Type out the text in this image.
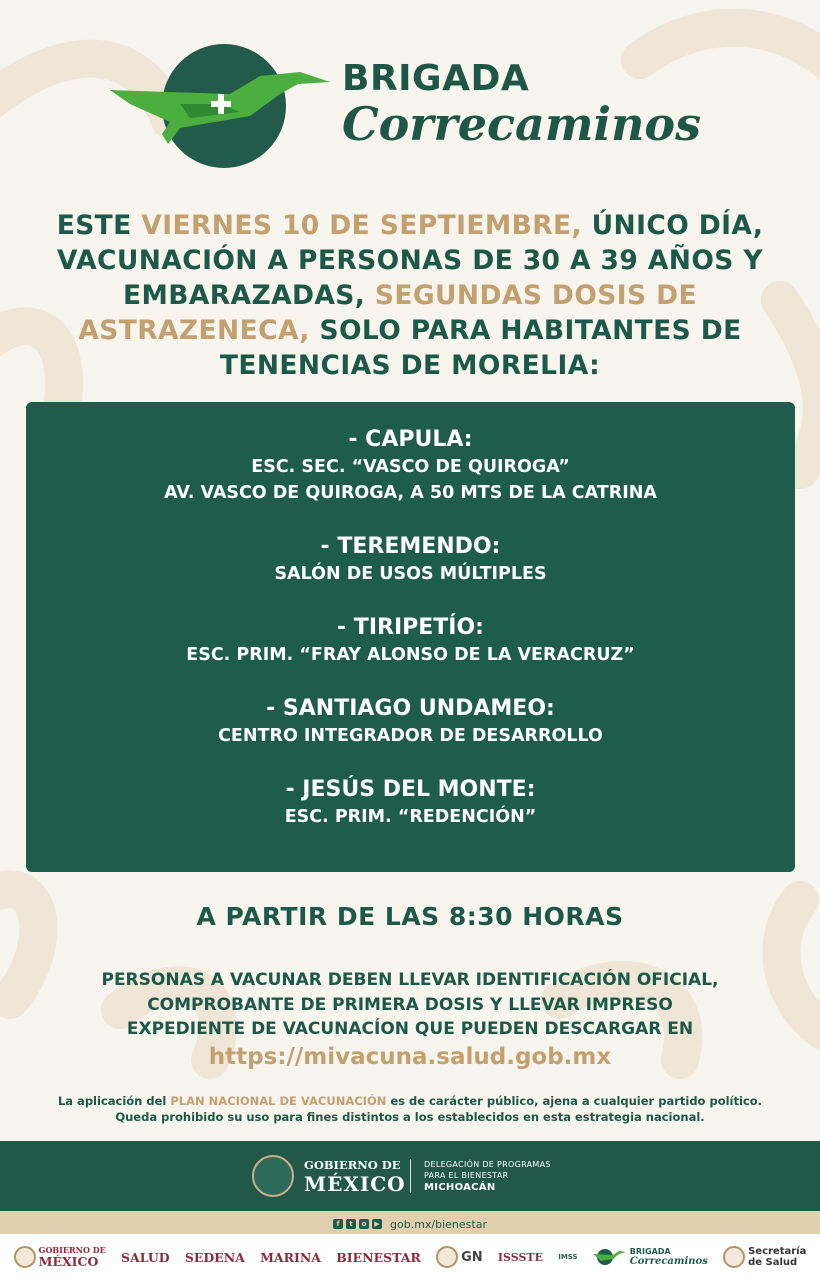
BRIGADA
Correcaminos
ESTE VIERNES 10 DE SEPTIEMBRE, ÚNICO DÍA, VACUNACIÓN A PERSONAS DE 30 A 39 AÑOS Y EMBARAZADAS, SEGUNDAS DOSIS DE ASTRAZENECA, SOLO PARA HABITANTES DE TENENCIAS DE MORELIA:
- CAPULA:
ESC. SEC. “VASCO DE QUIROGA”
AV. VASCO DE QUIROGA, A 50 MTS DE LA CATRINA
- TEREMENDO:
SALÓN DE USOS MÚLTIPLES
- TIRIPETÍO:
ESC. PRIM. “FRAY ALONSO DE LA VERACRUZ”
- SANTIAGO UNDAMEO:
CENTRO INTEGRADOR DE DESARROLLO
- JESÚS DEL MONTE:
ESC. PRIM. “REDENCIÓN”
A PARTIR DE LAS 8:30 HORAS
PERSONAS A VACUNAR DEBEN LLEVAR IDENTIFICACIÓN OFICIAL,
COMPROBANTE DE PRIMERA DOSIS Y LLEVAR IMPRESO
EXPEDIENTE DE VACUNACÍON QUE PUEDEN DESCARGAR EN
https://mivacuna.salud.gob.mx
La aplicación del PLAN NACIONAL DE VACUNACIÓN es de carácter público, ajena a cualquier partido político.
Queda prohibido su uso para fines distintos a los establecidos en esta estrategia nacional.
GOBIERNO DE
MÉXICO
DELEGACIÓN DE PROGRAMAS
PARA EL BIENESTAR
MICHOACÁN
f	t	o	▶ gob.mx/bienestar
GOBIERNO DE
MÉXICO	SALUD SEDENA MARINA BIENESTAR	GN ISSSTE IMSS
BRIGADA
Correcaminos
Secretaría
de Salud
